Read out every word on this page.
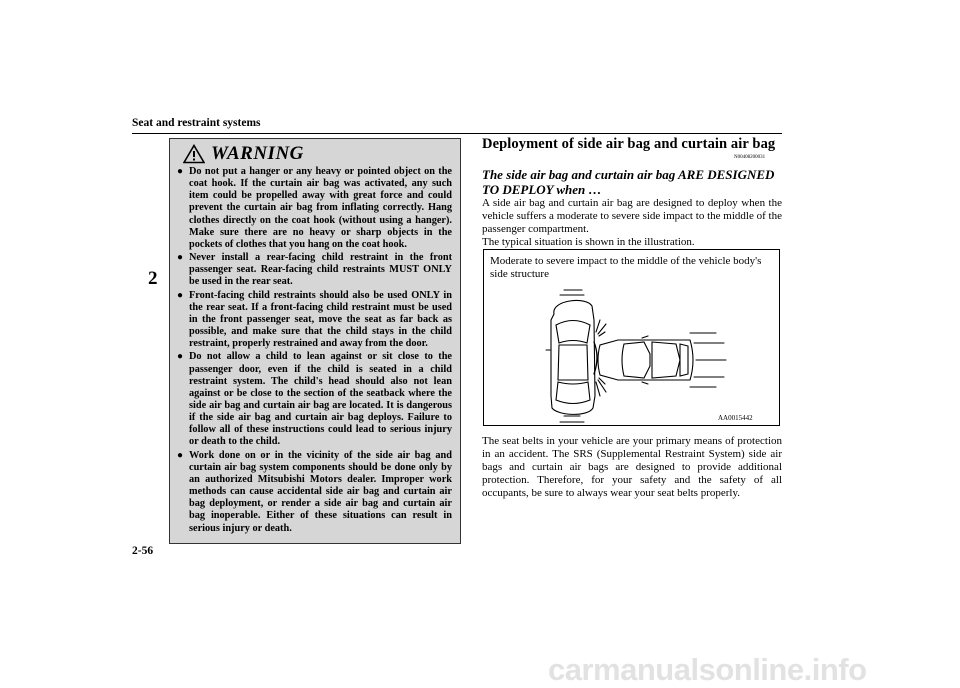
Seat and restraint systems
2
WARNING
● Do not put a hanger or any heavy or pointed object on the coat hook. If the curtain air bag was activated, any such item could be propelled away with great force and could prevent the curtain air bag from inflating correctly. Hang clothes directly on the coat hook (without using a hanger). Make sure there are no heavy or sharp objects in the pockets of clothes that you hang on the coat hook.
● Never install a rear-facing child restraint in the front passenger seat. Rear-facing child restraints MUST ONLY be used in the rear seat.
● Front-facing child restraints should also be used ONLY in the rear seat. If a front-facing child restraint must be used in the front passenger seat, move the seat as far back as possible, and make sure that the child stays in the child restraint, properly restrained and away from the door.
● Do not allow a child to lean against or sit close to the passenger door, even if the child is seated in a child restraint system. The child's head should also not lean against or be close to the section of the seatback where the side air bag and curtain air bag are located. It is dangerous if the side air bag and curtain air bag deploys. Failure to follow all of these instructions could lead to serious injury or death to the child.
● Work done on or in the vicinity of the side air bag and curtain air bag system components should be done only by an authorized Mitsubishi Motors dealer. Improper work methods can cause accidental side air bag and curtain air bag deployment, or render a side air bag and curtain air bag inoperable. Either of these situations can result in serious injury or death.
2-56
Deployment of side air bag and curtain air bag
N00408200031
The side air bag and curtain air bag ARE DESIGNED TO DEPLOY when …
A side air bag and curtain air bag are designed to deploy when the vehicle suffers a moderate to severe side impact to the middle of the passenger compartment.
The typical situation is shown in the illustration.
Moderate to severe impact to the middle of the vehicle body's side structure
AA0015442
The seat belts in your vehicle are your primary means of protection in an accident. The SRS (Supplemental Restraint System) side air bags and curtain air bags are designed to provide additional protection. Therefore, for your safety and the safety of all occupants, be sure to always wear your seat belts properly.
carmanualsonline.info
